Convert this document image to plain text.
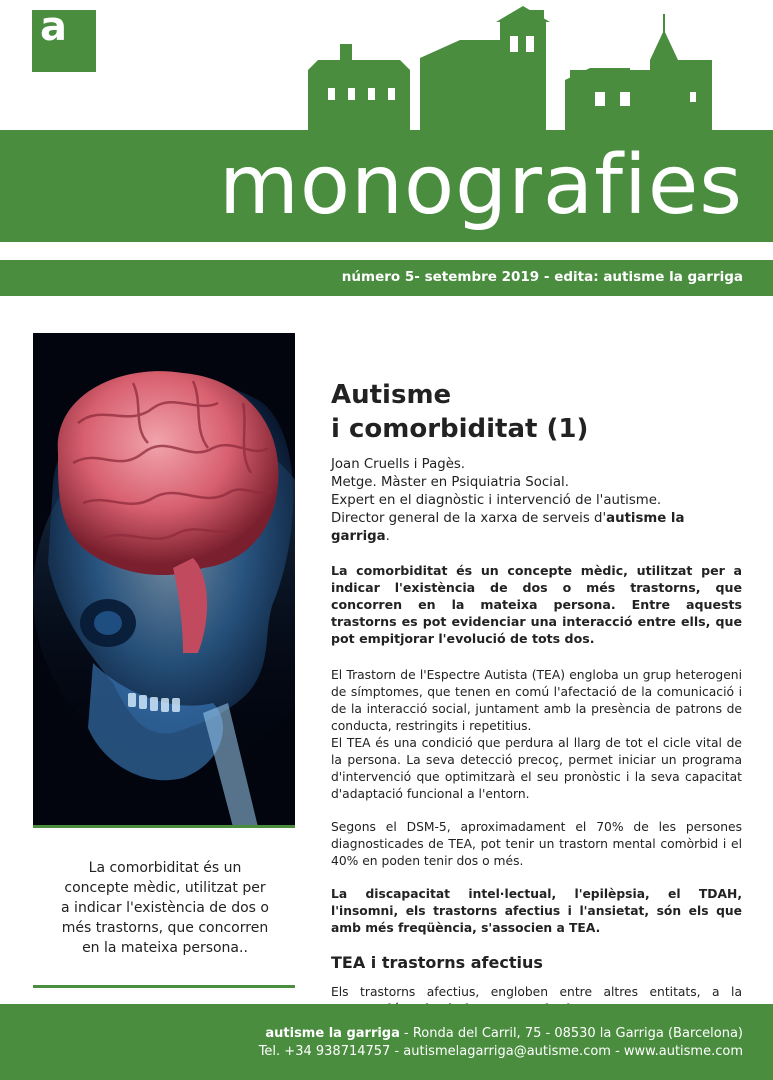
a
monografies
número 5- setembre 2019 - edita: autisme la garriga
La comorbiditat és un concepte mèdic, utilitzat per a indicar l'existència de dos o més trastorns, que concorren en la mateixa persona..
Autisme
i comorbiditat (1)
Joan Cruells i Pagès.
Metge. Màster en Psiquiatria Social.
Expert en el diagnòstic i intervenció de l'autisme.
Director general de la xarxa de serveis d'autisme la garriga.
La comorbiditat és un concepte mèdic, utilitzat per a indicar l'existència de dos o més trastorns, que concorren en la mateixa persona. Entre aquests trastorns es pot evidenciar una interacció entre ells, que pot empitjorar l'evolució de tots dos.
El Trastorn de l'Espectre Autista (TEA) engloba un grup heterogeni de símptomes, que tenen en comú l'afectació de la comunicació i de la interacció social, juntament amb la presència de patrons de conducta, restringits i repetitius.
El TEA és una condició que perdura al llarg de tot el cicle vital de la persona. La seva detecció precoç, permet iniciar un programa d'intervenció que optimitzarà el seu pronòstic i la seva capacitat d'adaptació funcional a l'entorn.
Segons el DSM-5, aproximadament el 70% de les persones diagnosticades de TEA, pot tenir un trastorn mental comòrbid i el 40% en poden tenir dos o més.
La discapacitat intel·lectual, l'epilèpsia, el TDAH, l'insomni, els trastorns afectius i l'ansietat, són els que amb més freqüència, s'associen a TEA.
TEA i trastorns afectius
Els trastorns afectius, engloben entre altres entitats, a la
autisme la garriga - Ronda del Carril, 75 - 08530 la Garriga (Barcelona)
Tel. +34 938714757 - autismelagarriga@autisme.com - www.autisme.com
